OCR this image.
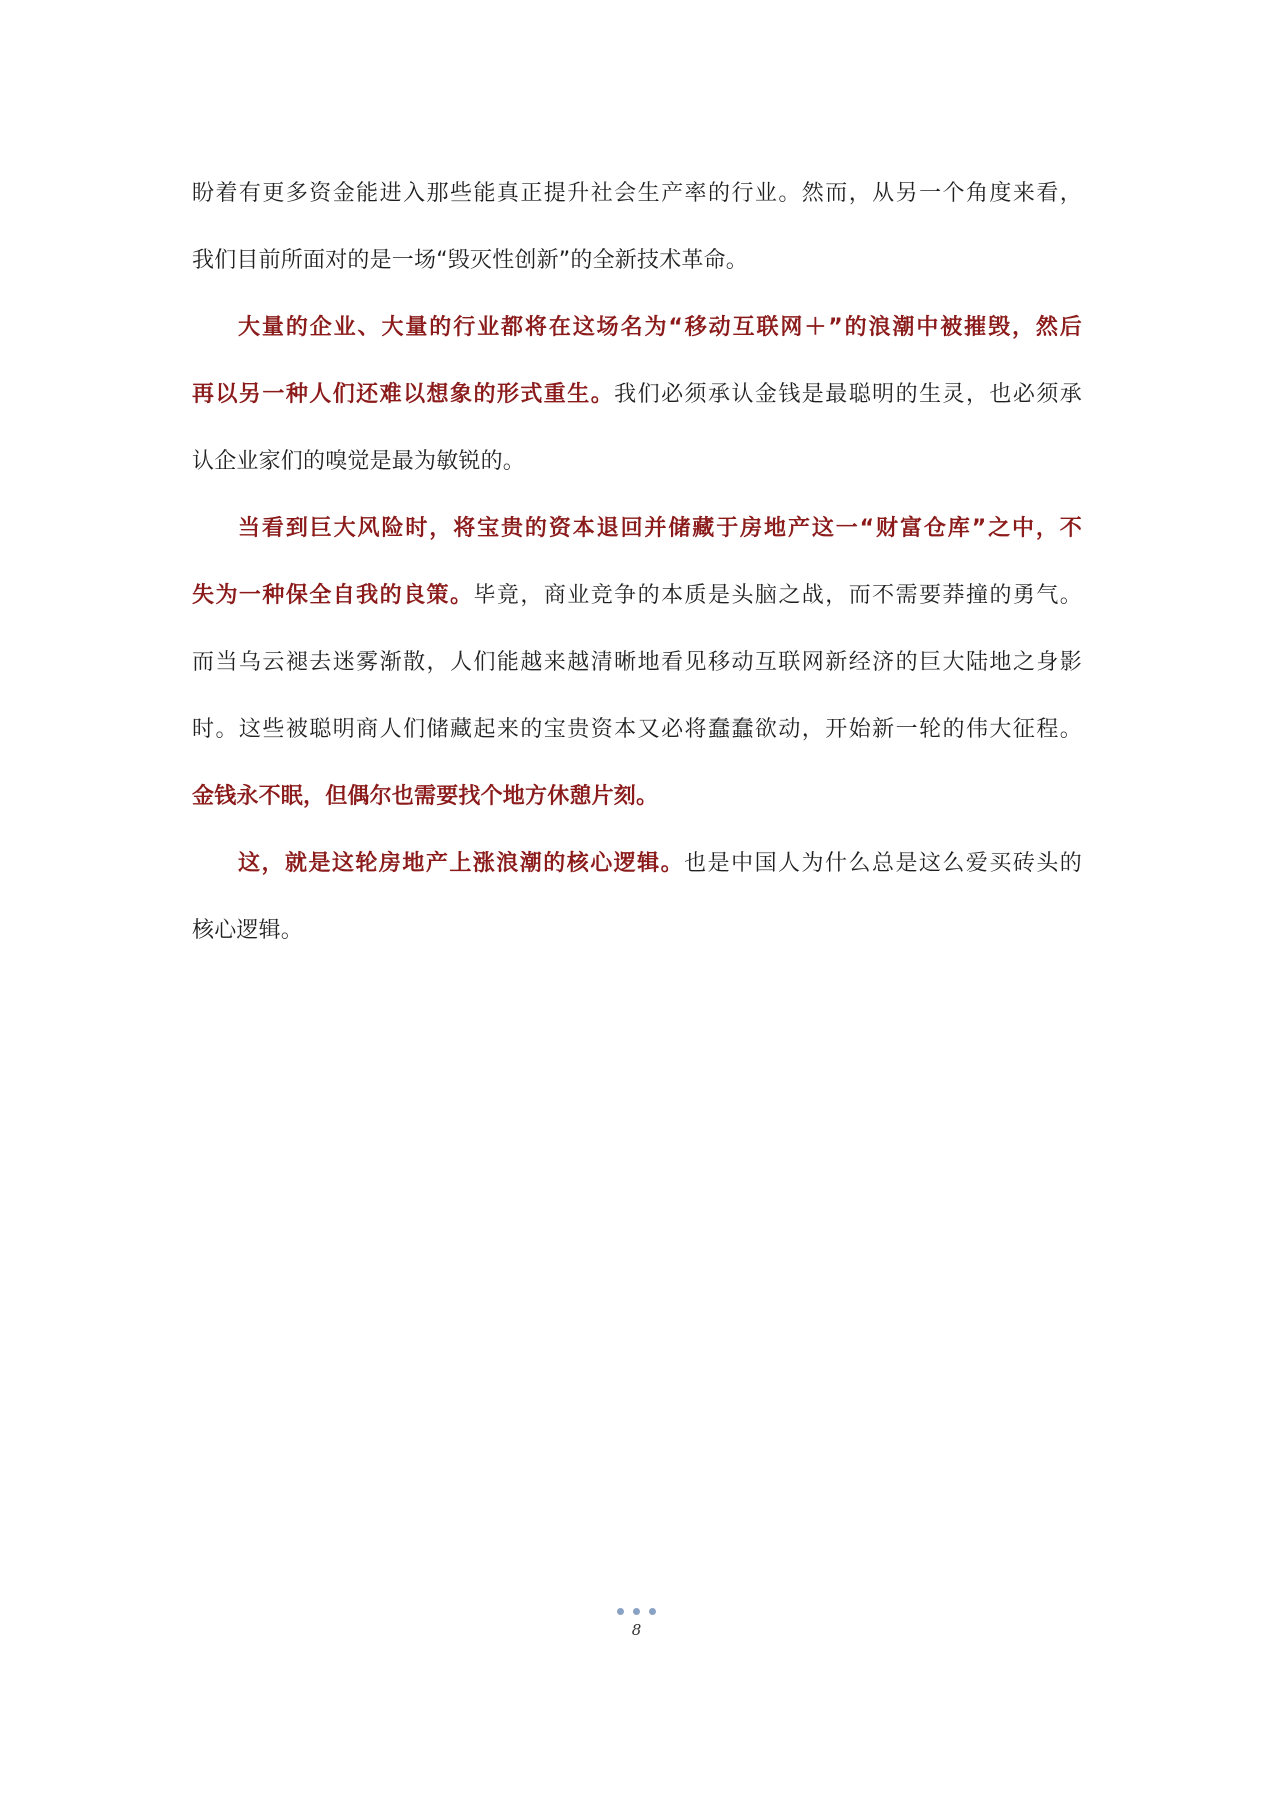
盼着有更多资金能进入那些能真正提升社会生产率的行业。然而，从另一个角度来看，
我们目前所面对的是一场“毁灭性创新”的全新技术革命。
大量的企业、大量的行业都将在这场名为“移动互联网＋”的浪潮中被摧毁，然后
再以另一种人们还难以想象的形式重生。我们必须承认金钱是最聪明的生灵，也必须承
认企业家们的嗅觉是最为敏锐的。
当看到巨大风险时，将宝贵的资本退回并储藏于房地产这一“财富仓库”之中，不
失为一种保全自我的良策。毕竟，商业竞争的本质是头脑之战，而不需要莽撞的勇气。
而当乌云褪去迷雾渐散，人们能越来越清晰地看见移动互联网新经济的巨大陆地之身影
时。这些被聪明商人们储藏起来的宝贵资本又必将蠢蠢欲动，开始新一轮的伟大征程。
金钱永不眠，但偶尔也需要找个地方休憩片刻。
这，就是这轮房地产上涨浪潮的核心逻辑。也是中国人为什么总是这么爱买砖头的
核心逻辑。
8
